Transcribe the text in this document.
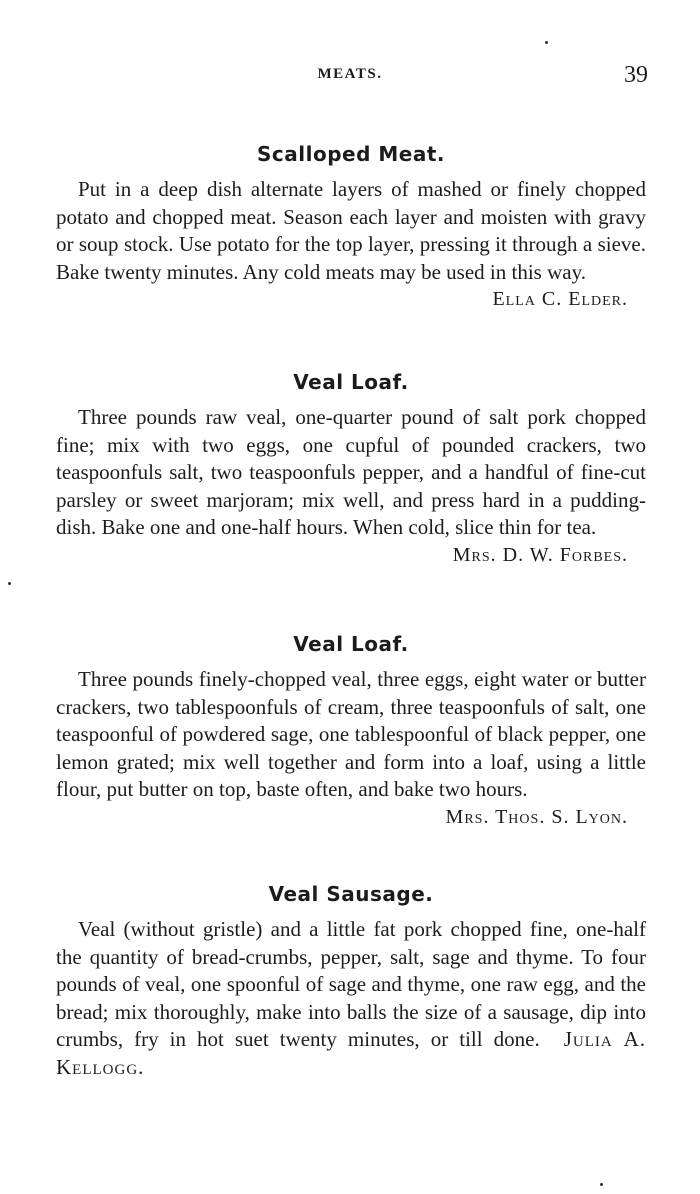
MEATS.	39
Scalloped Meat.

Put in a deep dish alternate layers of mashed or finely chopped potato and chopped meat. Season each layer and moisten with gravy or soup stock. Use potato for the top layer, pressing it through a sieve. Bake twenty minutes. Any cold meats may be used in this way.

Ella C. Elder.

Veal Loaf.

Three pounds raw veal, one-quarter pound of salt pork chopped fine; mix with two eggs, one cupful of pounded crackers, two teaspoonfuls salt, two teaspoonfuls pepper, and a handful of fine-cut parsley or sweet marjoram; mix well, and press hard in a pudding-dish. Bake one and one-half hours. When cold, slice thin for tea.

Mrs. D. W. Forbes.

Veal Loaf.

Three pounds finely-chopped veal, three eggs, eight water or butter crackers, two tablespoonfuls of cream, three teaspoonfuls of salt, one teaspoonful of powdered sage, one tablespoonful of black pepper, one lemon grated; mix well together and form into a loaf, using a little flour, put butter on top, baste often, and bake two hours.

Mrs. Thos. S. Lyon.

Veal Sausage.

Veal (without gristle) and a little fat pork chopped fine, one-half the quantity of bread-crumbs, pepper, salt, sage and thyme. To four pounds of veal, one spoonful of sage and thyme, one raw egg, and the bread; mix thoroughly, make into balls the size of a sausage, dip into crumbs, fry in hot suet twenty minutes, or till done. Julia A. Kellogg.
